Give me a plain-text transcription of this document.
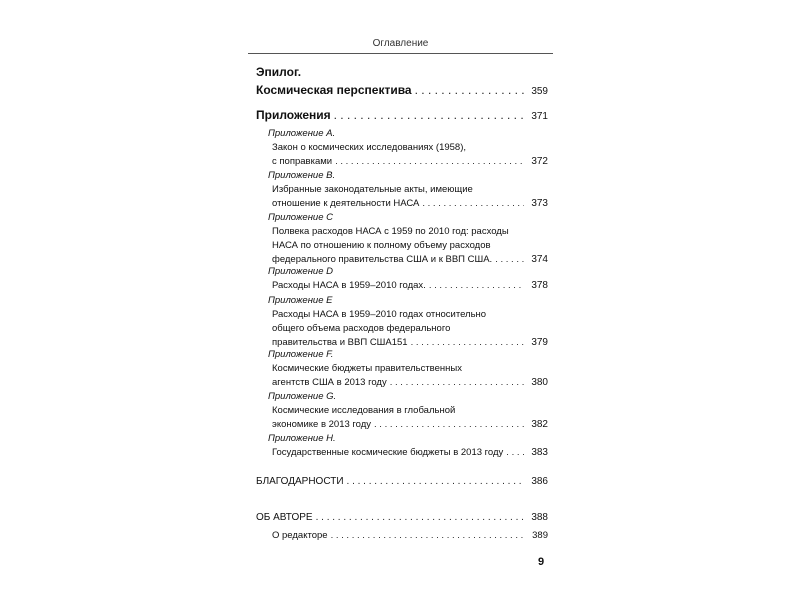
Оглавление
Эпилог.
Космическая перспектива . . .	359
Приложения . . .	371
Приложение А.
Закон о космических исследованиях (1958),
с поправками . . .	372
Приложение B.
Избранные законодательные акты, имеющие
отношение к деятельности НАСА . . .	373
Приложение C
Полвека расходов НАСА с 1959 по 2010 год: расходы
НАСА по отношению к полному объему расходов
федерального правительства США и к ВВП США. . . .	374
Приложение D
Расходы НАСА в 1959–2010 годах. . . .	378
Приложение E
Расходы НАСА в 1959–2010 годах относительно
общего объема расходов федерального
правительства и ВВП США151 . . .	379
Приложение F.
Космические бюджеты правительственных
агентств США в 2013 году . . .	380
Приложение G.
Космические исследования в глобальной
экономике в 2013 году . . .	382
Приложение H.
Государственные космические бюджеты в 2013 году . . .	383
БЛАГОДАРНОСТИ . . .	386
ОБ АВТОРЕ . . .	388
О редакторе . . .	389
9
